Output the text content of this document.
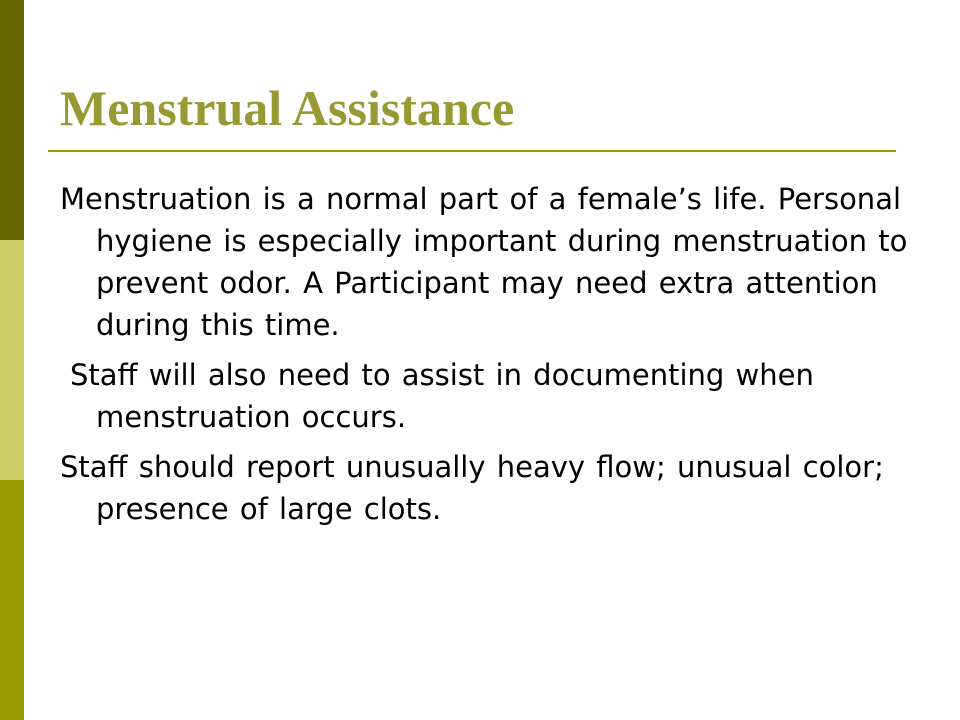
Menstrual Assistance

Menstruation is a normal part of a female’s life. Personal hygiene is especially important during menstruation to prevent odor. A Participant may need extra attention during this time.

Staff will also need to assist in documenting when menstruation occurs.

Staff should report unusually heavy flow; unusual color; presence of large clots.
